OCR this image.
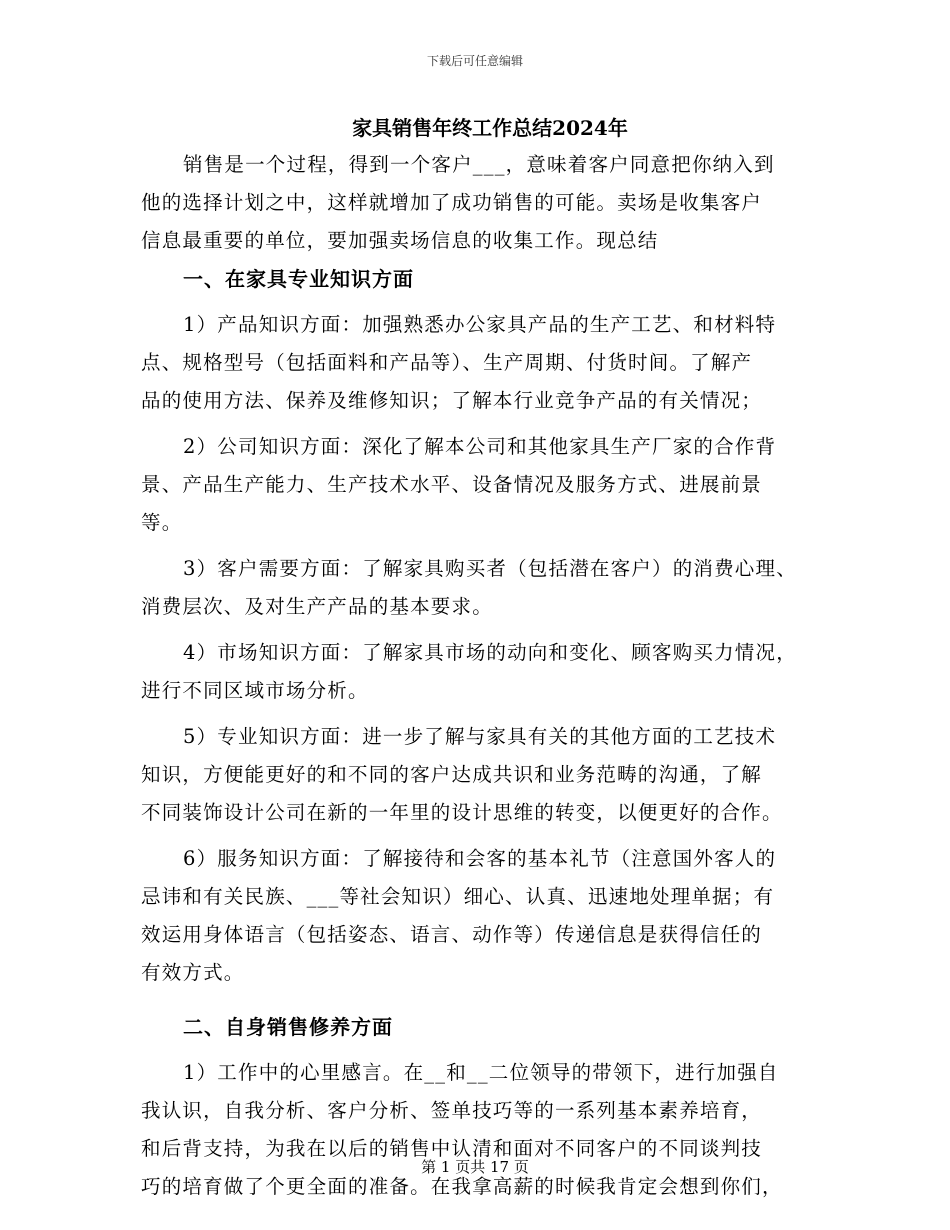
下载后可任意编辑
家具销售年终工作总结2024年

销售是一个过程，得到一个客户___，意味着客户同意把你纳入到
他的选择计划之中，这样就增加了成功销售的可能。卖场是收集客户
信息最重要的单位，要加强卖场信息的收集工作。现总结

一、在家具专业知识方面

1）产品知识方面：加强熟悉办公家具产品的生产工艺、和材料特
点、规格型号（包括面料和产品等）、生产周期、付货时间。了解产
品的使用方法、保养及维修知识；了解本行业竞争产品的有关情况；

2）公司知识方面：深化了解本公司和其他家具生产厂家的合作背
景、产品生产能力、生产技术水平、设备情况及服务方式、进展前景
等。

3）客户需要方面：了解家具购买者（包括潜在客户）的消费心理、
消费层次、及对生产产品的基本要求。

4）市场知识方面：了解家具市场的动向和变化、顾客购买力情况，
进行不同区域市场分析。

5）专业知识方面：进一步了解与家具有关的其他方面的工艺技术
知识，方便能更好的和不同的客户达成共识和业务范畴的沟通，了解
不同装饰设计公司在新的一年里的设计思维的转变，以便更好的合作。

6）服务知识方面：了解接待和会客的基本礼节（注意国外客人的
忌讳和有关民族、___等社会知识）细心、认真、迅速地处理单据；有
效运用身体语言（包括姿态、语言、动作等）传递信息是获得信任的
有效方式。

二、自身销售修养方面

1）工作中的心里感言。在__和__二位领导的带领下，进行加强自
我认识，自我分析、客户分析、签单技巧等的一系列基本素养培育，
和后背支持，为我在以后的销售中认清和面对不同客户的不同谈判技
巧的培育做了个更全面的准备。在我拿高薪的时候我肯定会想到你们，

第 1 页共 17 页
